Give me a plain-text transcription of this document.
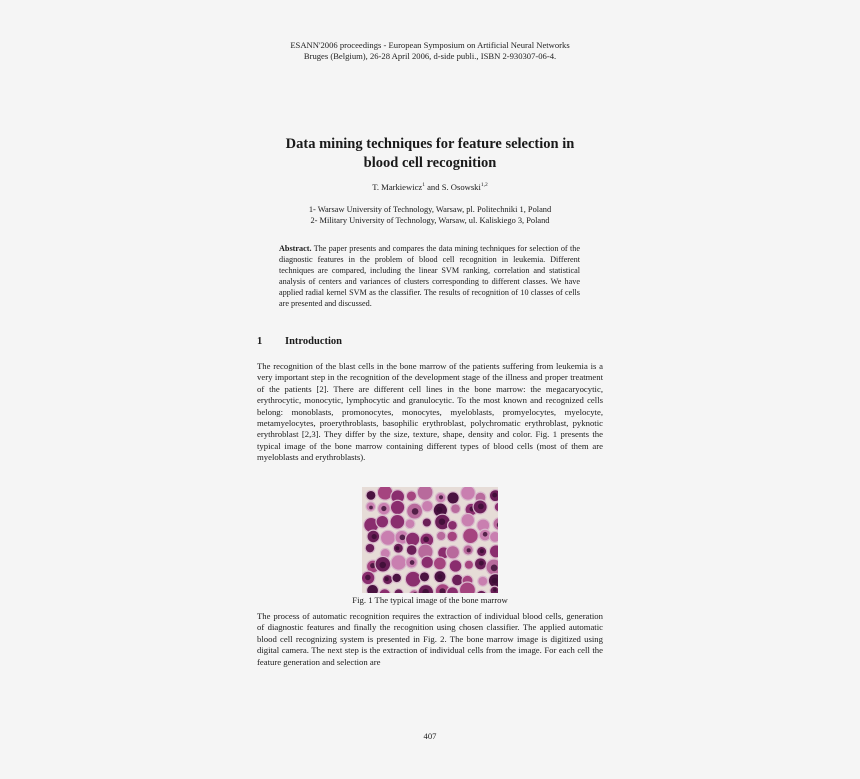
ESANN'2006 proceedings - European Symposium on Artificial Neural Networks
Bruges (Belgium), 26-28 April 2006, d-side publi., ISBN 2-930307-06-4.
Data mining techniques for feature selection in
blood cell recognition
T. Markiewicz$^1$ and S. Osowski$^{1,2}$
1- Warsaw University of Technology, Warsaw, pl. Politechniki 1, Poland
2- Military University of Technology, Warsaw, ul. Kaliskiego 3, Poland
Abstract. The paper presents and compares the data mining techniques for selection of the diagnostic features in the problem of blood cell recognition in leukemia. Different techniques are compared, including the linear SVM ranking, correlation and statistical analysis of centers and variances of clusters corresponding to different classes. We have applied radial kernel SVM as the classifier. The results of recognition of 10 classes of cells are presented and discussed.
1 Introduction
The recognition of the blast cells in the bone marrow of the patients suffering from leukemia is a very important step in the recognition of the development stage of the illness and proper treatment of the patients [2]. There are different cell lines in the bone marrow: the megacaryocytic, erythrocytic, monocytic, lymphocytic and granulocytic. To the most known and recognized cells belong: monoblasts, promonocytes, monocytes, myeloblasts, promyelocytes, myelocyte, metamyelocytes, proerythroblasts, basophilic erythroblast, polychromatic erythroblast, pyknotic erythroblast [2,3]. They differ by the size, texture, shape, density and color. Fig. 1 presents the typical image of the bone marrow containing different types of blood cells (most of them are myeloblasts and erythroblasts).
Fig. 1 The typical image of the bone marrow
The process of automatic recognition requires the extraction of individual blood cells, generation of diagnostic features and finally the recognition using chosen classifier. The applied automatic blood cell recognizing system is presented in Fig. 2. The bone marrow image is digitized using digital camera. The next step is the extraction of individual cells from the image. For each cell the feature generation and selection are
407
